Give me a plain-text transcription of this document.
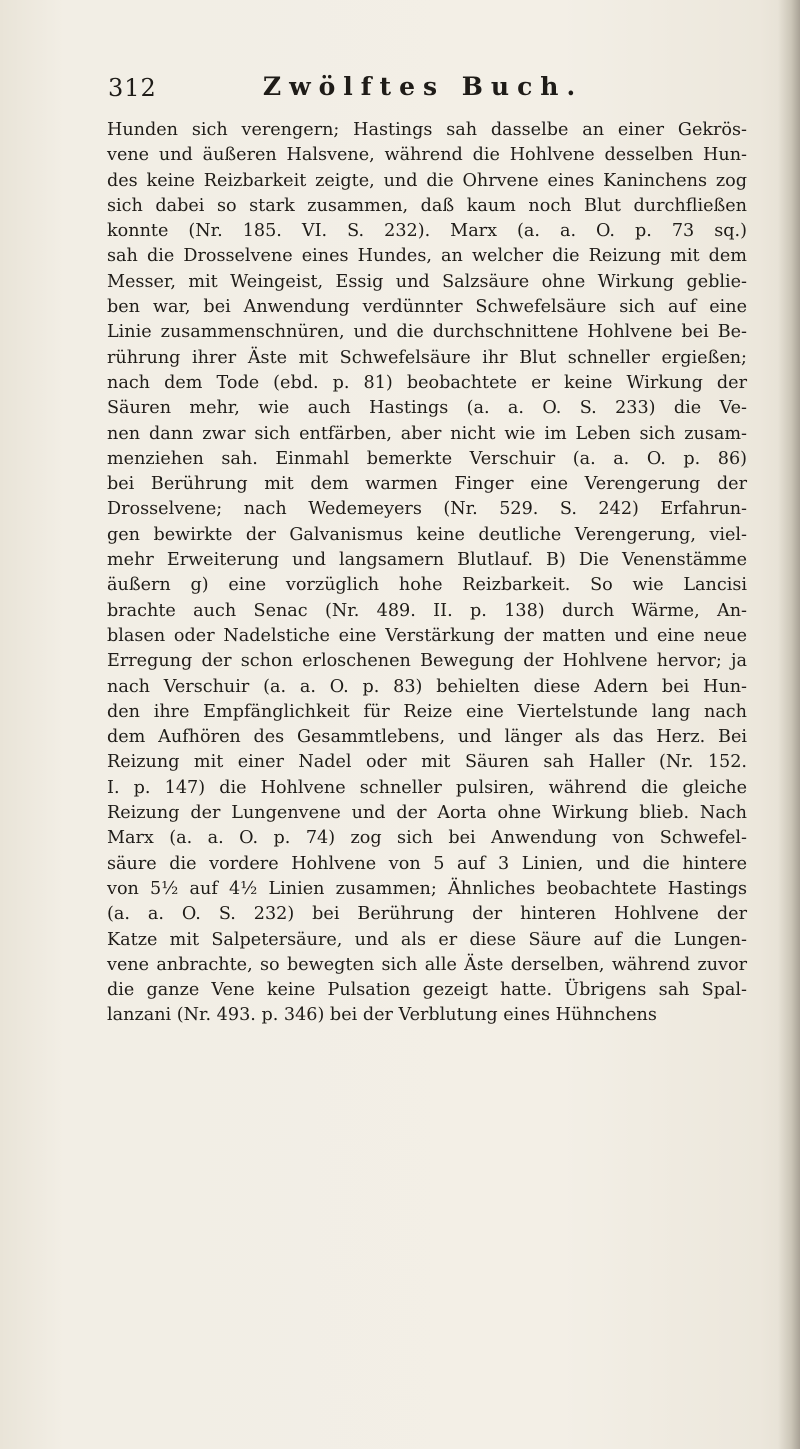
312	Zwölftes Buch.
Hunden sich verengern; Hastings sah dasselbe an einer Gekrös-
vene und äußeren Halsvene, während die Hohlvene desselben Hun-
des keine Reizbarkeit zeigte, und die Ohrvene eines Kaninchens zog
sich dabei so stark zusammen, daß kaum noch Blut durchfließen
konnte (Nr. 185. VI. S. 232). Marx (a. a. O. p. 73 sq.)
sah die Drosselvene eines Hundes, an welcher die Reizung mit dem
Messer, mit Weingeist, Essig und Salzsäure ohne Wirkung geblie-
ben war, bei Anwendung verdünnter Schwefelsäure sich auf eine
Linie zusammenschnüren, und die durchschnittene Hohlvene bei Be-
rührung ihrer Äste mit Schwefelsäure ihr Blut schneller ergießen;
nach dem Tode (ebd. p. 81) beobachtete er keine Wirkung der
Säuren mehr, wie auch Hastings (a. a. O. S. 233) die Ve-
nen dann zwar sich entfärben, aber nicht wie im Leben sich zusam-
menziehen sah. Einmahl bemerkte Verschuir (a. a. O. p. 86)
bei Berührung mit dem warmen Finger eine Verengerung der
Drosselvene; nach Wedemeyers (Nr. 529. S. 242) Erfahrun-
gen bewirkte der Galvanismus keine deutliche Verengerung, viel-
mehr Erweiterung und langsamern Blutlauf. B) Die Venenstämme
äußern g) eine vorzüglich hohe Reizbarkeit. So wie Lancisi
brachte auch Senac (Nr. 489. II. p. 138) durch Wärme, An-
blasen oder Nadelstiche eine Verstärkung der matten und eine neue
Erregung der schon erloschenen Bewegung der Hohlvene hervor; ja
nach Verschuir (a. a. O. p. 83) behielten diese Adern bei Hun-
den ihre Empfänglichkeit für Reize eine Viertelstunde lang nach
dem Aufhören des Gesammtlebens, und länger als das Herz. Bei
Reizung mit einer Nadel oder mit Säuren sah Haller (Nr. 152.
I. p. 147) die Hohlvene schneller pulsiren, während die gleiche
Reizung der Lungenvene und der Aorta ohne Wirkung blieb. Nach
Marx (a. a. O. p. 74) zog sich bei Anwendung von Schwefel-
säure die vordere Hohlvene von 5 auf 3 Linien, und die hintere
von 5½ auf 4½ Linien zusammen; Ähnliches beobachtete Hastings
(a. a. O. S. 232) bei Berührung der hinteren Hohlvene der
Katze mit Salpetersäure, und als er diese Säure auf die Lungen-
vene anbrachte, so bewegten sich alle Äste derselben, während zuvor
die ganze Vene keine Pulsation gezeigt hatte. Übrigens sah Spal-
lanzani (Nr. 493. p. 346) bei der Verblutung eines Hühnchens
